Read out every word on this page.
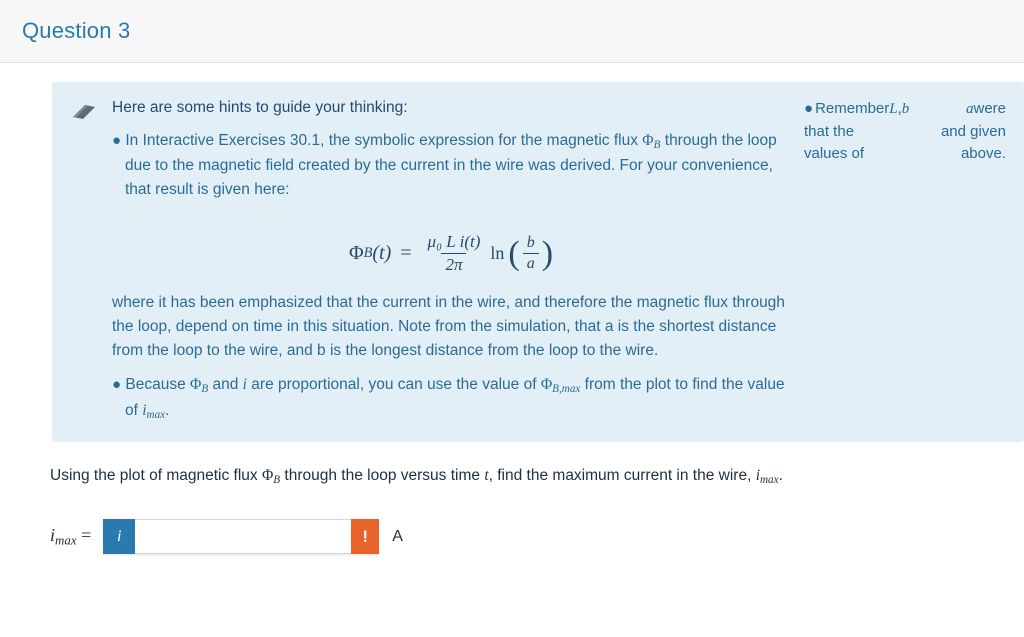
Question 3

Here are some hints to guide your thinking:

● In Interactive Exercises 30.1, the symbolic expression for the magnetic flux $\Phi_B$ through the loop due to the magnetic field created by the current in the wire was derived. For your convenience, that result is given here:

Φ B $(t) = \frac{\text{μ₀ L i(t)}}{2\pi}$ ln ( $\frac{b}{a}$ )

where it has been emphasized that the current in the wire, and therefore the magnetic flux through the loop, depend on time in this situation. Note from the simulation, that a is the shortest distance from the loop to the wire, and b is the longest distance from the loop to the wire.

● Because $\Phi_B$ and i are proportional, you can use the value of $\Phi_{B,max}$ from the plot to find the value of $i_{max}$.

● RememberL,b	awere
that the	and given
values of	above.

Using the plot of magnetic flux $\Phi_B$ through the loop versus time t, find the maximum current in the wire, $i_{max}$.

$i_{max}$ =	i	!	A
